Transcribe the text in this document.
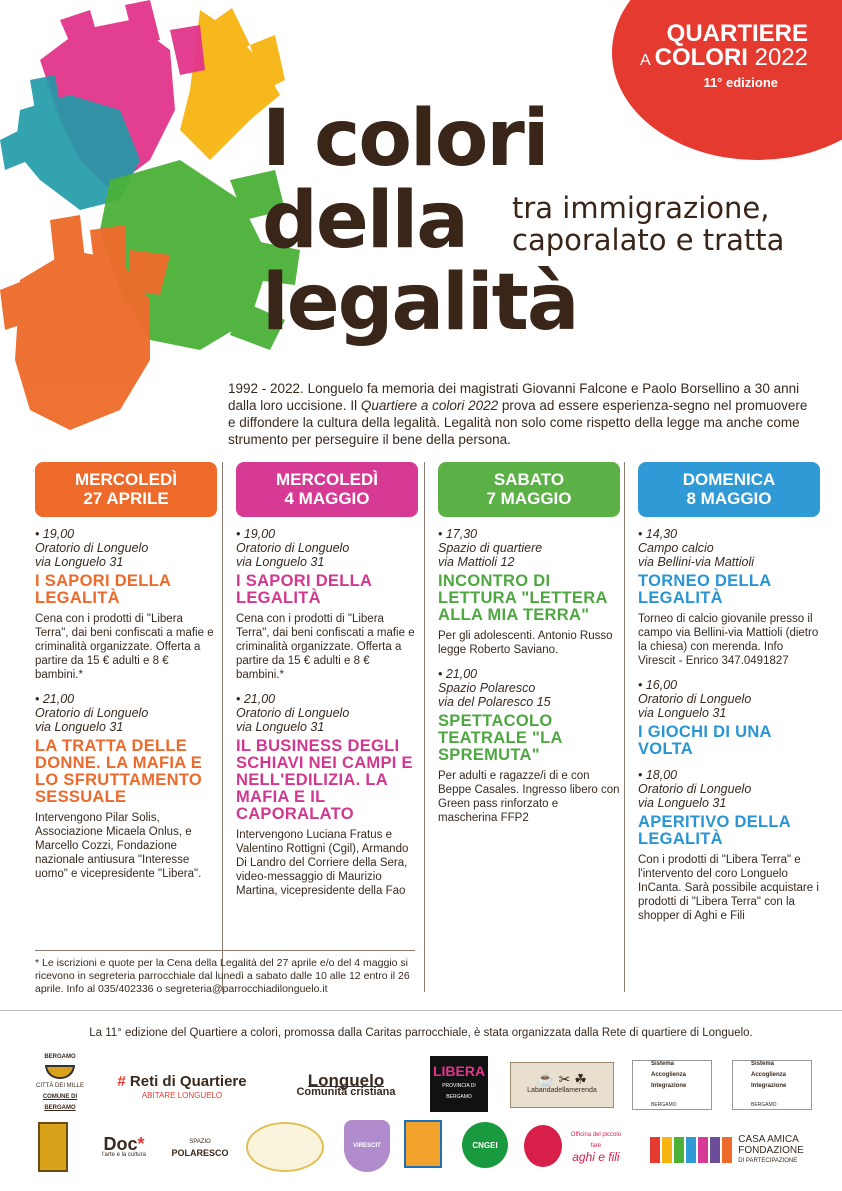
QUARTIERE
A COLORI 2022
11° edizione
I colori
della
legalità
tra immigrazione,
caporalato e tratta

1992 - 2022. Longuelo fa memoria dei magistrati Giovanni Falcone e Paolo Borsellino a 30 anni dalla loro uccisione. Il Quartiere a colori 2022 prova ad essere esperienza-segno nel promuovere e diffondere la cultura della legalità. Legalità non solo come rispetto della legge ma anche come strumento per perseguire il bene della persona.

MERCOLEDÌ
27 APRILE
• 19,00
Oratorio di Longuelo
via Longuelo 31
I SAPORI DELLA LEGALITÀ
Cena con i prodotti di "Libera Terra", dai beni confiscati a mafie e criminalità organizzate. Offerta a partire da 15 € adulti e 8 € bambini.*
• 21,00
Oratorio di Longuelo
via Longuelo 31
LA TRATTA DELLE DONNE. LA MAFIA E LO SFRUTTAMENTO SESSUALE
Intervengono Pilar Solis, Associazione Micaela Onlus, e Marcello Cozzi, Fondazione nazionale antiusura "Interesse uomo" e vicepresidente "Libera".
MERCOLEDÌ
4 MAGGIO
• 19,00
Oratorio di Longuelo
via Longuelo 31
I SAPORI DELLA LEGALITÀ
Cena con i prodotti di "Libera Terra", dai beni confiscati a mafie e criminalità organizzate. Offerta a partire da 15 € adulti e 8 € bambini.*
• 21,00
Oratorio di Longuelo
via Longuelo 31
IL BUSINESS DEGLI SCHIAVI NEI CAMPI E NELL'EDILIZIA. LA MAFIA E IL CAPORALATO
Intervengono Luciana Fratus e Valentino Rottigni (Cgil), Armando Di Landro del Corriere della Sera, video-messaggio di Maurizio Martina, vicepresidente della Fao
SABATO
7 MAGGIO
• 17,30
Spazio di quartiere
via Mattioli 12
INCONTRO DI LETTURA "LETTERA ALLA MIA TERRA"
Per gli adolescenti. Antonio Russo legge Roberto Saviano.
• 21,00
Spazio Polaresco
via del Polaresco 15
SPETTACOLO TEATRALE "LA SPREMUTA"
Per adulti e ragazze/i di e con Beppe Casales. Ingresso libero con Green pass rinforzato e mascherina FFP2
DOMENICA
8 MAGGIO
• 14,30
Campo calcio
via Bellini-via Mattioli
TORNEO DELLA LEGALITÀ
Torneo di calcio giovanile presso il campo via Bellini-via Mattioli (dietro la chiesa) con merenda. Info Virescit - Enrico 347.0491827
• 16,00
Oratorio di Longuelo
via Longuelo 31
I GIOCHI DI UNA VOLTA
• 18,00
Oratorio di Longuelo
via Longuelo 31
APERITIVO DELLA LEGALITÀ
Con i prodotti di "Libera Terra" e l'intervento del coro Longuelo InCanta. Sarà possibile acquistare i prodotti di "Libera Terra" con la shopper di Aghi e Fili
* Le iscrizioni e quote per la Cena della Legalità del 27 aprile e/o del 4 maggio si ricevono in segreteria parrocchiale dal lunedì a sabato dalle 10 alle 12 entro il 26 aprile. Info al 035/402336 o segreteria@parrocchiadilonguelo.it
La 11° edizione del Quartiere a colori, promossa dalla Caritas parrocchiale, è stata organizzata dalla Rete di quartiere di Longuelo.
BERGAMO
CITTÀ DEI MILLE
COMUNE DI BERGAMO
# Reti di Quartiere
ABITARE LONGUELO
Longuelo
Comunità cristiana
LIBERA
PROVINCIA DI BERGAMO
☕ ✂ ☘
Labandadellamerenda
Sistema
Accoglienza
Integrazione
BERGAMO
Sistema
Accoglienza
Integrazione
BERGAMO
Doc*
l'arte e la cultura
SPAZIO
POLARESCO
VIRESCIT	CNGEI
Officina del piccolo fare
aghi e fili
CASA AMICA
FONDAZIONE
DI PARTECIPAZIONE
